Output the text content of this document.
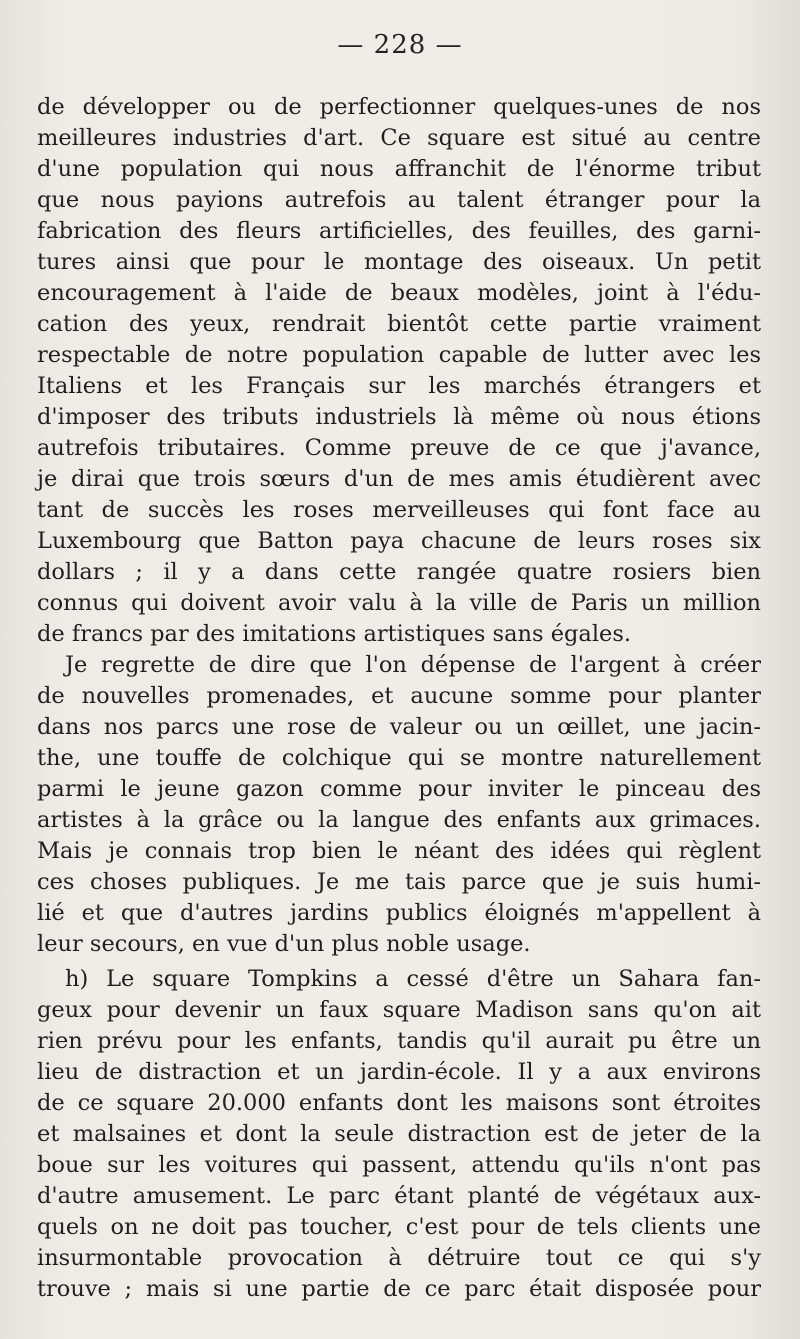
— 228 —
de développer ou de perfectionner quelques-unes de nos
meilleures industries d'art. Ce square est situé au centre
d'une population qui nous affranchit de l'énorme tribut
que nous payions autrefois au talent étranger pour la
fabrication des fleurs artificielles, des feuilles, des garni-
tures ainsi que pour le montage des oiseaux. Un petit
encouragement à l'aide de beaux modèles, joint à l'édu-
cation des yeux, rendrait bientôt cette partie vraiment
respectable de notre population capable de lutter avec les
Italiens et les Français sur les marchés étrangers et
d'imposer des tributs industriels là même où nous étions
autrefois tributaires. Comme preuve de ce que j'avance,
je dirai que trois sœurs d'un de mes amis étudièrent avec
tant de succès les roses merveilleuses qui font face au
Luxembourg que Batton paya chacune de leurs roses six
dollars ; il y a dans cette rangée quatre rosiers bien
connus qui doivent avoir valu à la ville de Paris un million
de francs par des imitations artistiques sans égales.
Je regrette de dire que l'on dépense de l'argent à créer
de nouvelles promenades, et aucune somme pour planter
dans nos parcs une rose de valeur ou un œillet, une jacin-
the, une touffe de colchique qui se montre naturellement
parmi le jeune gazon comme pour inviter le pinceau des
artistes à la grâce ou la langue des enfants aux grimaces.
Mais je connais trop bien le néant des idées qui règlent
ces choses publiques. Je me tais parce que je suis humi-
lié et que d'autres jardins publics éloignés m'appellent à
leur secours, en vue d'un plus noble usage.
h) Le square Tompkins a cessé d'être un Sahara fan-
geux pour devenir un faux square Madison sans qu'on ait
rien prévu pour les enfants, tandis qu'il aurait pu être un
lieu de distraction et un jardin-école. Il y a aux environs
de ce square 20.000 enfants dont les maisons sont étroites
et malsaines et dont la seule distraction est de jeter de la
boue sur les voitures qui passent, attendu qu'ils n'ont pas
d'autre amusement. Le parc étant planté de végétaux aux-
quels on ne doit pas toucher, c'est pour de tels clients une
insurmontable provocation à détruire tout ce qui s'y
trouve ; mais si une partie de ce parc était disposée pour
